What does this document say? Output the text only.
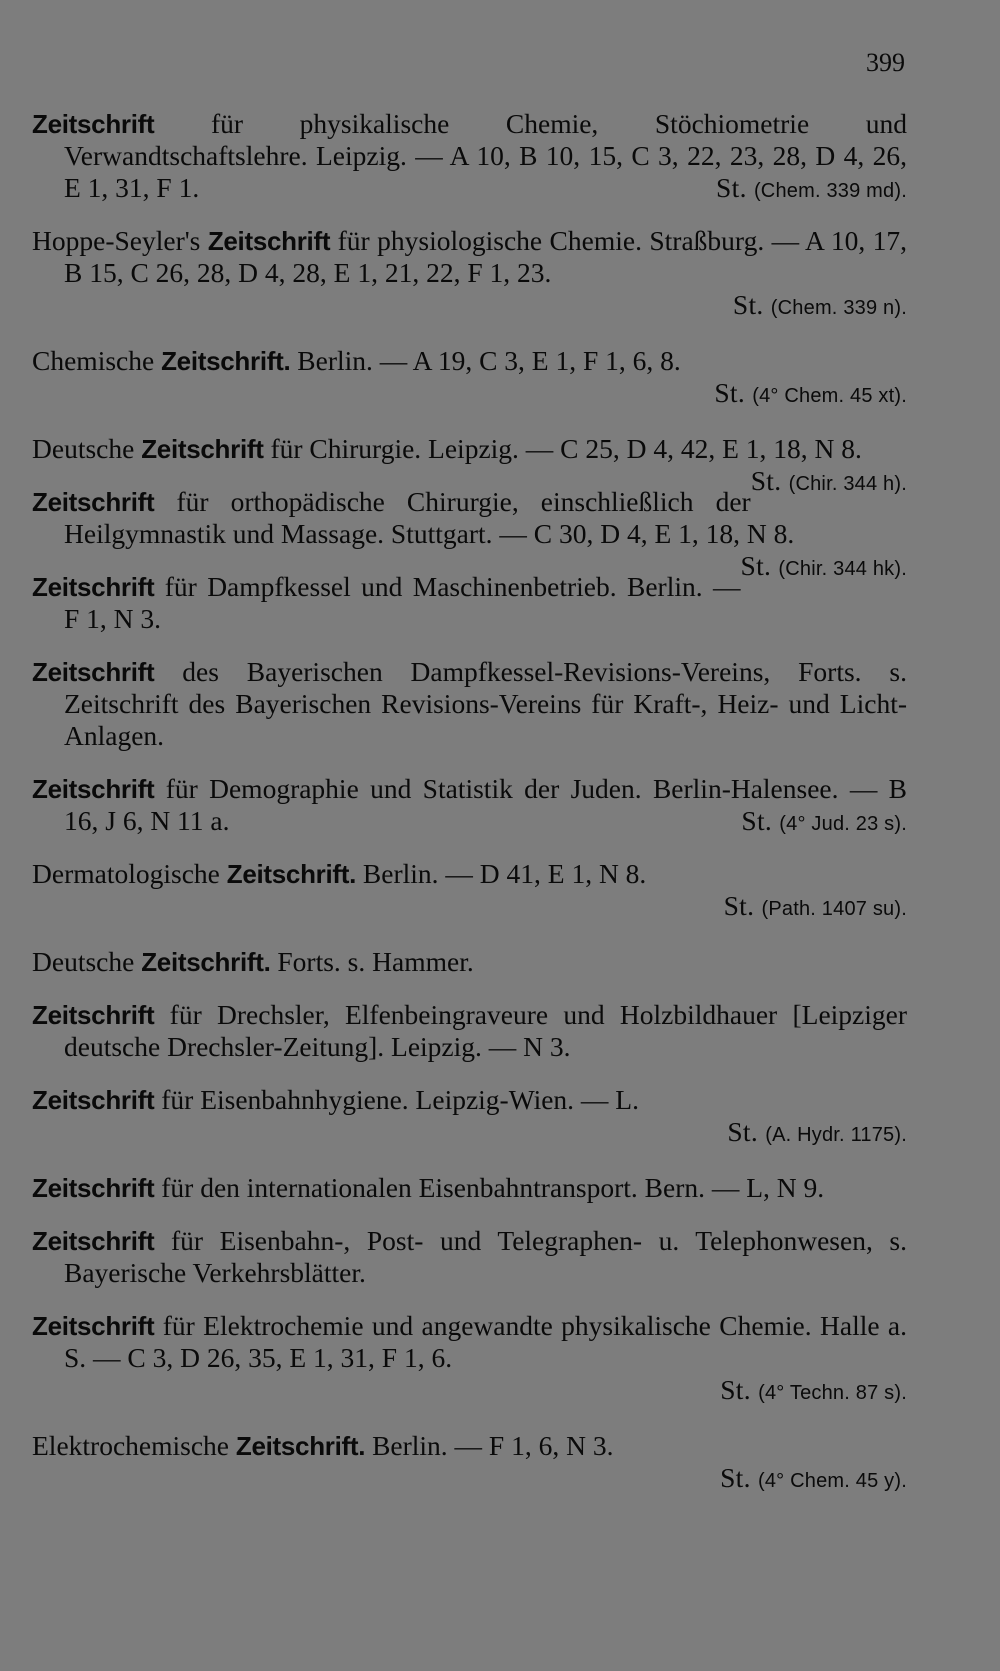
399

Zeitschrift für physikalische Chemie, Stöchiometrie und Verwandtschaftslehre. Leipzig. — A 10, B 10, 15, C 3, 22, 23, 28, D 4, 26, E 1, 31, F 1.	St. (Chem. 339 md).

Hoppe-Seyler's Zeitschrift für physiologische Chemie. Straßburg. — A 10, 17, B 15, C 26, 28, D 4, 28, E 1, 21, 22, F 1, 23.
St. (Chem. 339 n).

Chemische Zeitschrift. Berlin. — A 19, C 3, E 1, F 1, 6, 8.
St. (4° Chem. 45 xt).

Deutsche Zeitschrift für Chirurgie. Leipzig. — C 25, D 4, 42, E 1, 18, N 8.
St. (Chir. 344 h).

Zeitschrift für orthopädische Chirurgie, einschließlich der Heilgymnastik und Massage. Stuttgart. — C 30, D 4, E 1, 18, N 8.
St. (Chir. 344 hk).

Zeitschrift für Dampfkessel und Maschinenbetrieb. Berlin. — F 1, N 3.

Zeitschrift des Bayerischen Dampfkessel-Revisions-Vereins, Forts. s. Zeitschrift des Bayerischen Revisions-Vereins für Kraft-, Heiz- und Licht-Anlagen.

Zeitschrift für Demographie und Statistik der Juden. Berlin-Halensee. — B 16, J 6, N 11 a.	St. (4° Jud. 23 s).

Dermatologische Zeitschrift. Berlin. — D 41, E 1, N 8.
St. (Path. 1407 su).

Deutsche Zeitschrift. Forts. s. Hammer.

Zeitschrift für Drechsler, Elfenbeingraveure und Holzbildhauer [Leipziger deutsche Drechsler-Zeitung]. Leipzig. — N 3.

Zeitschrift für Eisenbahnhygiene. Leipzig-Wien. — L.
St. (A. Hydr. 1175).

Zeitschrift für den internationalen Eisenbahntransport. Bern. — L, N 9.

Zeitschrift für Eisenbahn-, Post- und Telegraphen- u. Telephonwesen, s. Bayerische Verkehrsblätter.

Zeitschrift für Elektrochemie und angewandte physikalische Chemie. Halle a. S. — C 3, D 26, 35, E 1, 31, F 1, 6.
St. (4° Techn. 87 s).

Elektrochemische Zeitschrift. Berlin. — F 1, 6, N 3.
St. (4° Chem. 45 y).
